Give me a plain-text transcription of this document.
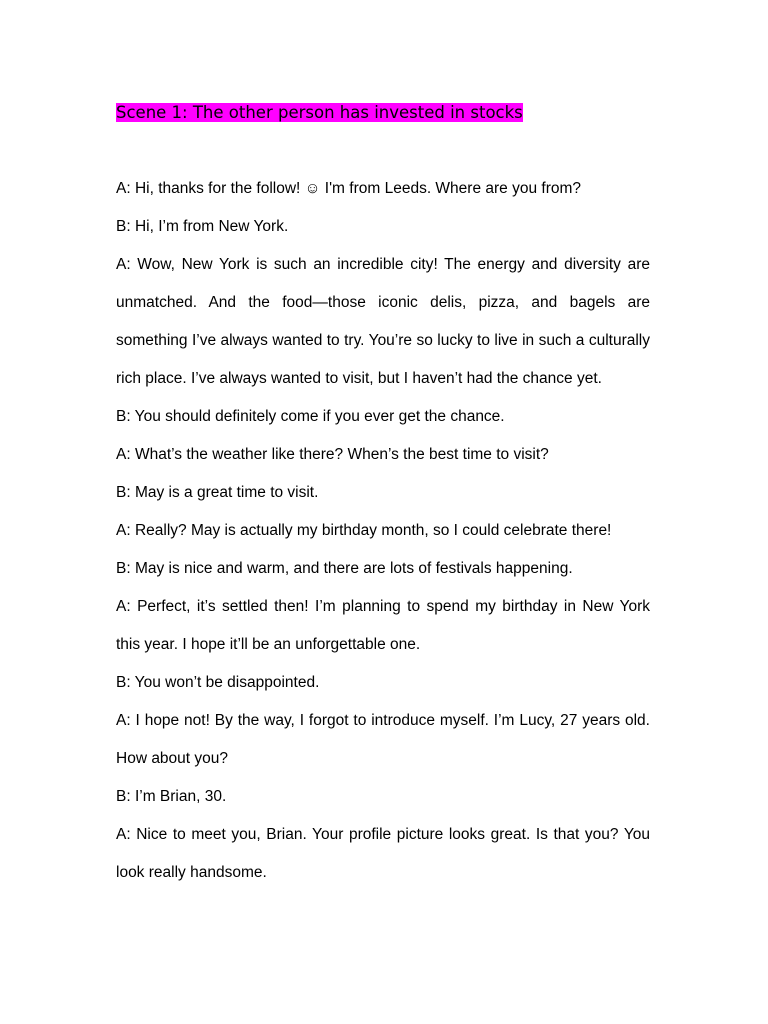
Scene 1: The other person has invested in stocks

A: Hi, thanks for the follow! ☺ I'm from Leeds. Where are you from?

B: Hi, I’m from New York.

A: Wow, New York is such an incredible city! The energy and diversity are unmatched. And the food—those iconic delis, pizza, and bagels are something I’ve always wanted to try. You’re so lucky to live in such a culturally rich place. I’ve always wanted to visit, but I haven’t had the chance yet.

B: You should definitely come if you ever get the chance.

A: What’s the weather like there? When’s the best time to visit?

B: May is a great time to visit.

A: Really? May is actually my birthday month, so I could celebrate there!

B: May is nice and warm, and there are lots of festivals happening.

A: Perfect, it’s settled then! I’m planning to spend my birthday in New York this year. I hope it’ll be an unforgettable one.

B: You won’t be disappointed.

A: I hope not! By the way, I forgot to introduce myself. I’m Lucy, 27 years old. How about you?

B: I’m Brian, 30.

A: Nice to meet you, Brian. Your profile picture looks great. Is that you? You look really handsome.
